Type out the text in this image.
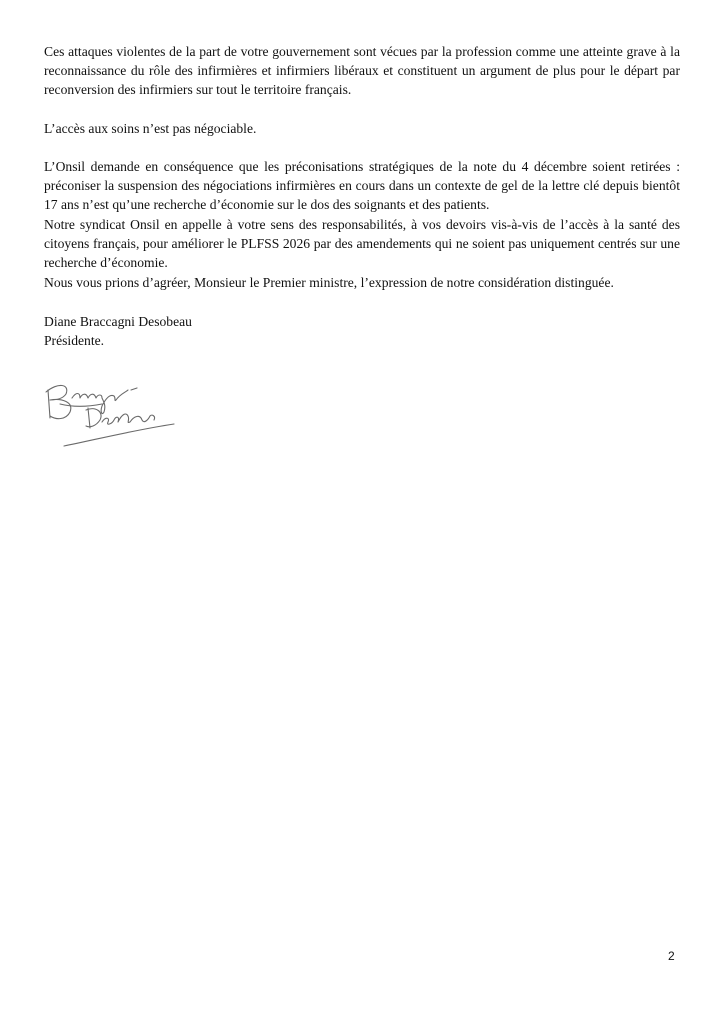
Ces attaques violentes de la part de votre gouvernement sont vécues par la profession comme une atteinte grave à la reconnaissance du rôle des infirmières et infirmiers libéraux et constituent un argument de plus pour le départ par reconversion des infirmiers sur tout le territoire français.

L’accès aux soins n’est pas négociable.

L’Onsil demande en conséquence que les préconisations stratégiques de la note du 4 décembre soient retirées : préconiser la suspension des négociations infirmières en cours dans un contexte de gel de la lettre clé depuis bientôt 17 ans n’est qu’une recherche d’économie sur le dos des soignants et des patients.

Notre syndicat Onsil en appelle à votre sens des responsabilités, à vos devoirs vis-à-vis de l’accès à la santé des citoyens français, pour améliorer le PLFSS 2026 par des amendements qui ne soient pas uniquement centrés sur une recherche d’économie.

Nous vous prions d’agréer, Monsieur le Premier ministre, l’expression de notre considération distinguée.

Diane Braccagni Desobeau
Présidente.
2
